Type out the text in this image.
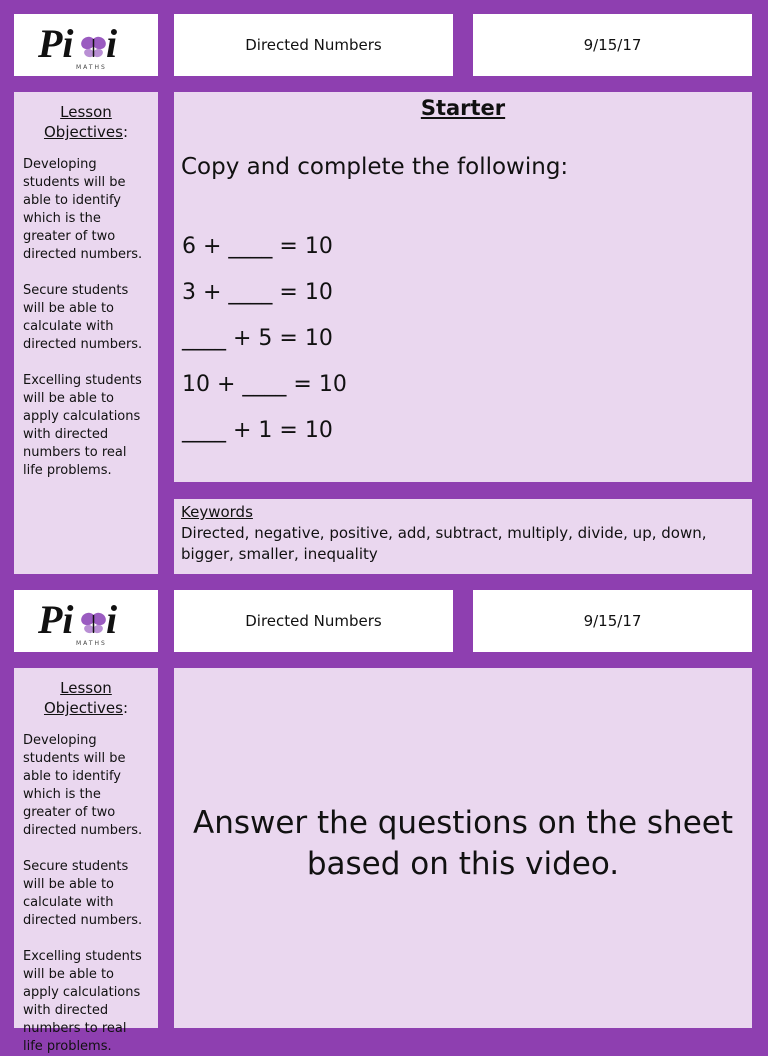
Pi i
MATHS
Directed Numbers	9/15/17
Lesson
Objectives:

Developing students will be able to identify which is the greater of two directed numbers.

Secure students will be able to calculate with directed numbers.

Excelling students will be able to apply calculations with directed numbers to real life problems.

Starter
Copy and complete the following:
6 + ____ = 10
3 + ____ = 10
____ + 5 = 10
10 + ____ = 10
____ + 1 = 10
Keywords
Directed, negative, positive, add, subtract, multiply, divide, up, down, bigger, smaller, inequality
Pi i
MATHS
Directed Numbers	9/15/17
Lesson
Objectives:

Developing students will be able to identify which is the greater of two directed numbers.

Secure students will be able to calculate with directed numbers.

Excelling students will be able to apply calculations with directed numbers to real life problems.

Answer the questions on the sheet based on this video.
